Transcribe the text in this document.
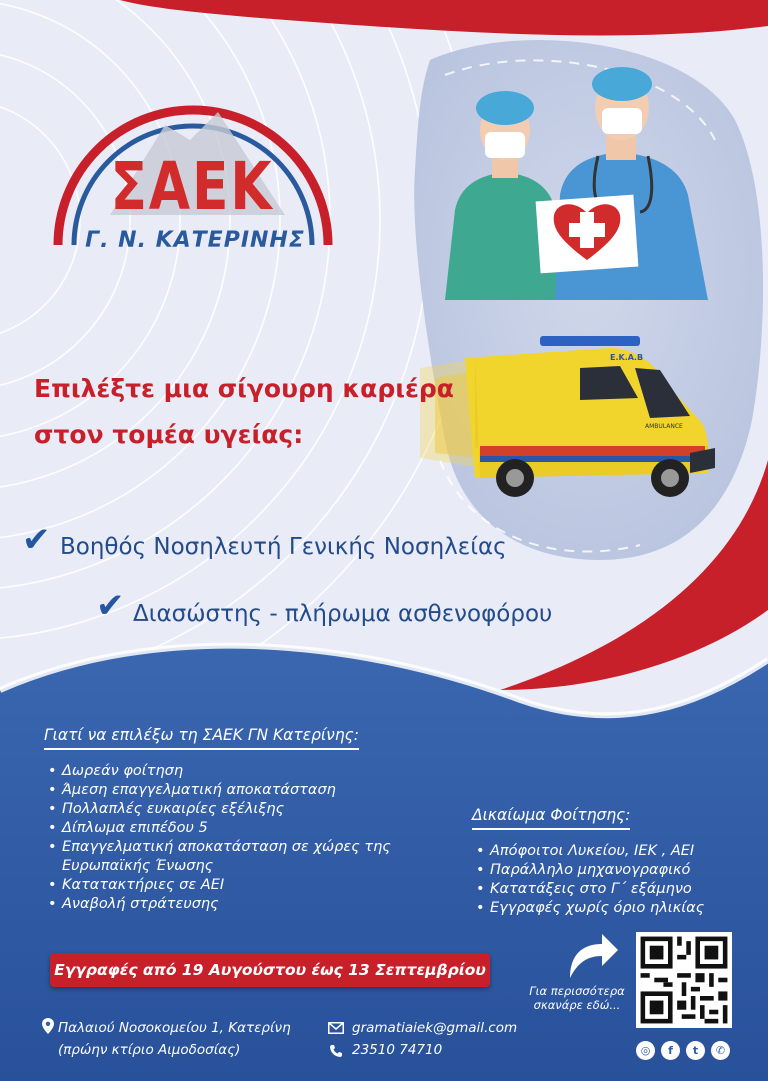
ΣΑΕΚ
Γ. Ν. ΚΑΤΕΡΙΝΗΣ
Ε.Κ.Α.Β
AMBULANCE
Επιλέξτε μια σίγουρη καριέρα
στον τομέα υγείας:
✔ Βοηθός Νοσηλευτή Γενικής Νοσηλείας
✔ Διασώστης - πλήρωμα ασθενοφόρου
Γιατί να επιλέξω τη ΣΑΕΚ ΓΝ Κατερίνης:
• Δωρεάν φοίτηση
• Άμεση επαγγελματική αποκατάσταση
• Πολλαπλές ευκαιρίες εξέλιξης
• Δίπλωμα επιπέδου 5
• Επαγγελματική αποκατάσταση σε χώρες της Ευρωπαϊκής Ένωσης
• Κατατακτήριες σε ΑΕΙ
• Αναβολή στράτευσης
Δικαίωμα Φοίτησης:
• Απόφοιτοι Λυκείου, ΙΕΚ , ΑΕΙ
• Παράλληλο μηχανογραφικό
• Κατατάξεις στο Γ΄ εξάμηνο
• Εγγραφές χωρίς όριο ηλικίας
Εγγραφές από 19 Αυγούστου έως 13 Σεπτεμβρίου
Για περισσότερα
σκανάρε εδώ...
Παλαιού Νοσοκομείου 1, Κατερίνη
(πρώην κτίριο Αιμοδοσίας)
gramatiaiek@gmail.com
23510 74710	◎	f	t	✆
